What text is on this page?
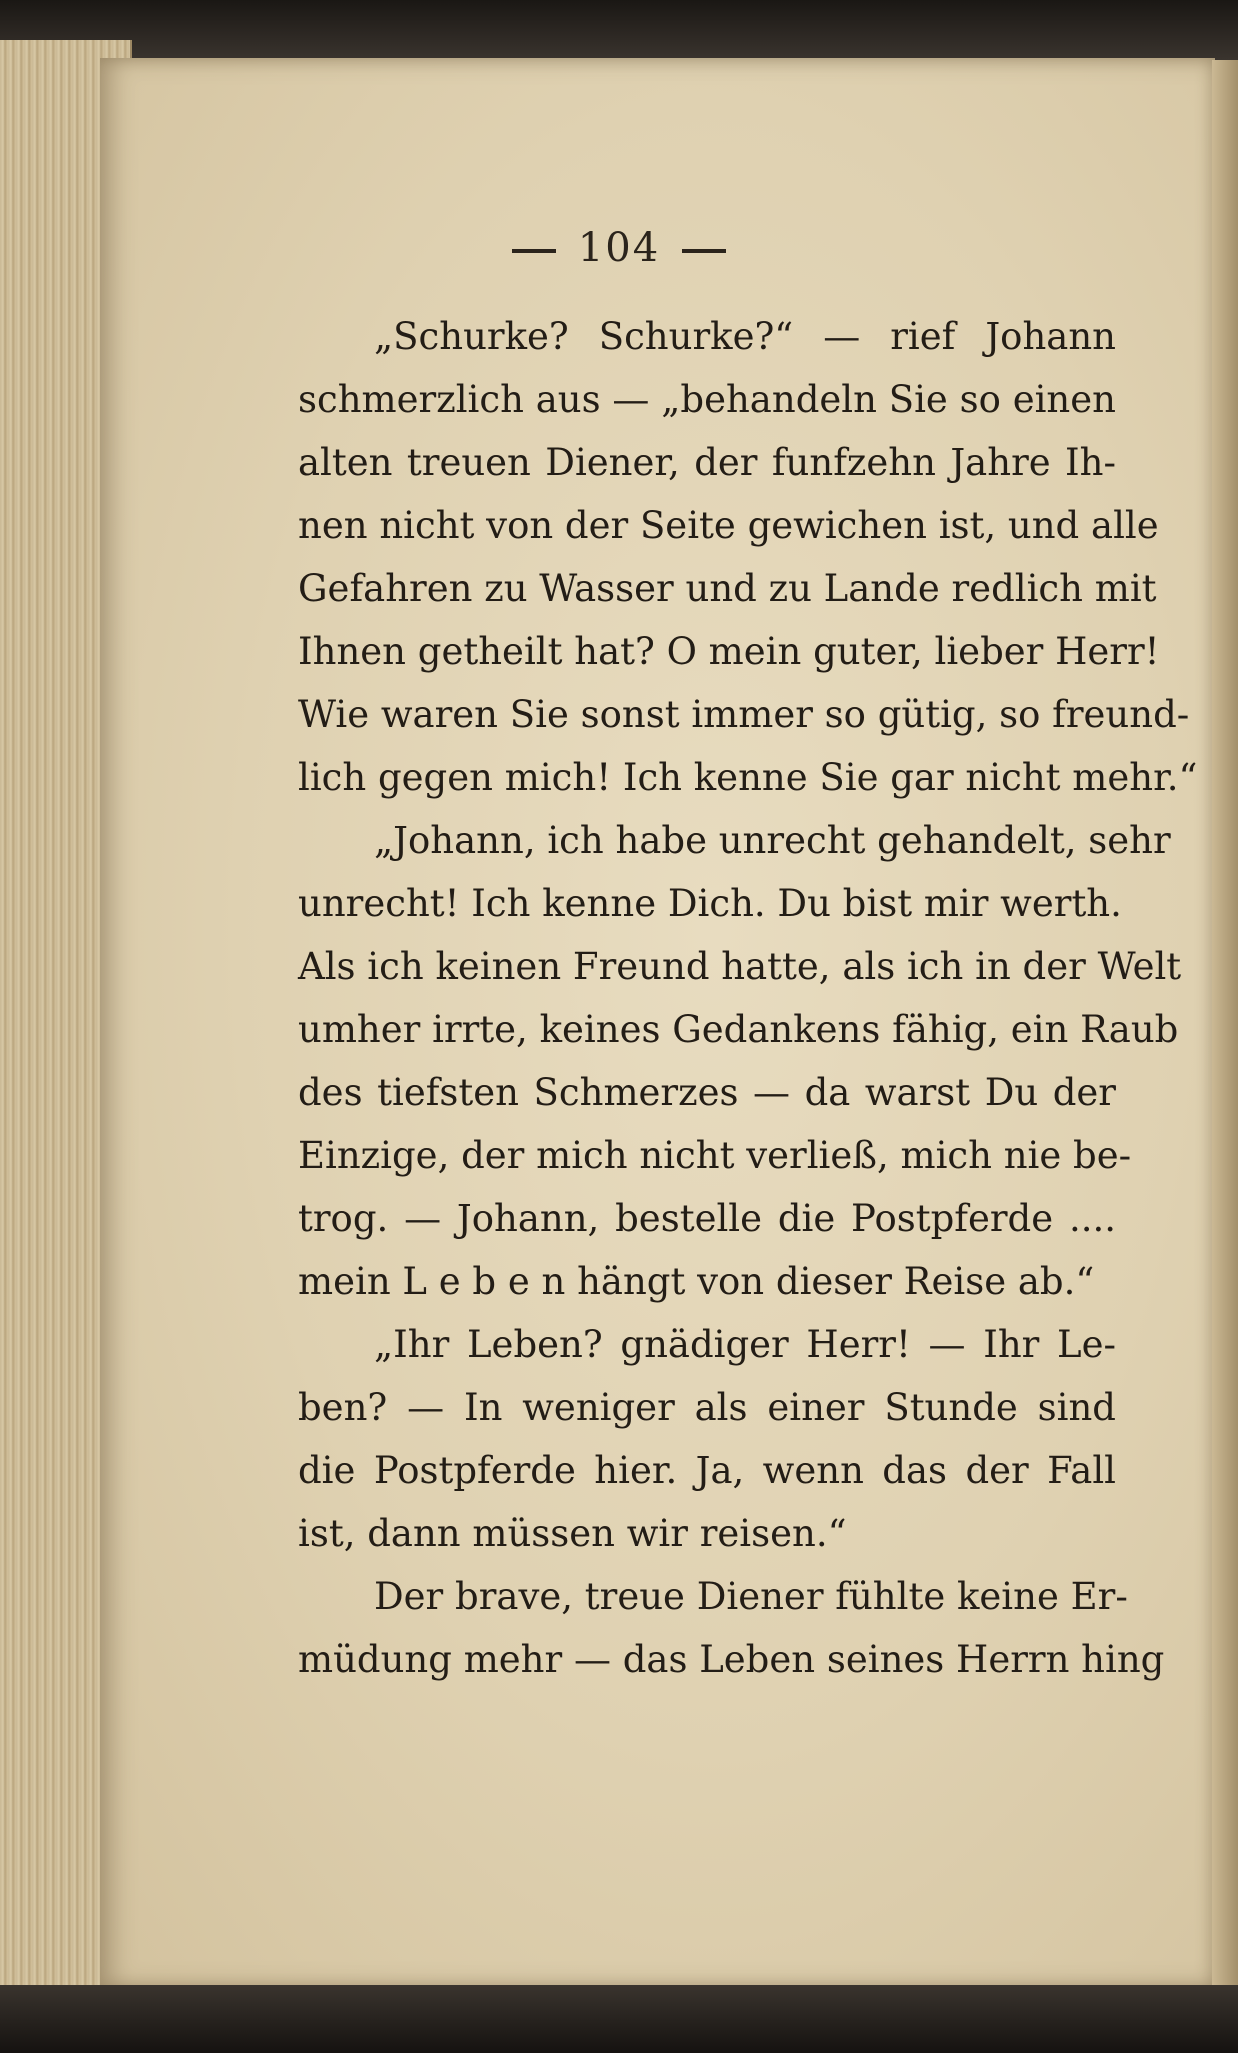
104
„Schurke? Schurke?“ — rief Johann
schmerzlich aus — „behandeln Sie so einen
alten treuen Diener, der funfzehn Jahre Ih-
nen nicht von der Seite gewichen ist, und alle
Gefahren zu Wasser und zu Lande redlich mit
Ihnen getheilt hat? O mein guter, lieber Herr!
Wie waren Sie sonst immer so gütig, so freund-
lich gegen mich! Ich kenne Sie gar nicht mehr.“
„Johann, ich habe unrecht gehandelt, sehr
unrecht! Ich kenne Dich. Du bist mir werth.
Als ich keinen Freund hatte, als ich in der Welt
umher irrte, keines Gedankens fähig, ein Raub
des tiefsten Schmerzes — da warst Du der
Einzige, der mich nicht verließ, mich nie be-
trog. — Johann, bestelle die Postpferde ....
mein L e b e n hängt von dieser Reise ab.“
„Ihr Leben? gnädiger Herr! — Ihr Le-
ben? — In weniger als einer Stunde sind
die Postpferde hier. Ja, wenn das der Fall
ist, dann müssen wir reisen.“
Der brave, treue Diener fühlte keine Er-
müdung mehr — das Leben seines Herrn hing
